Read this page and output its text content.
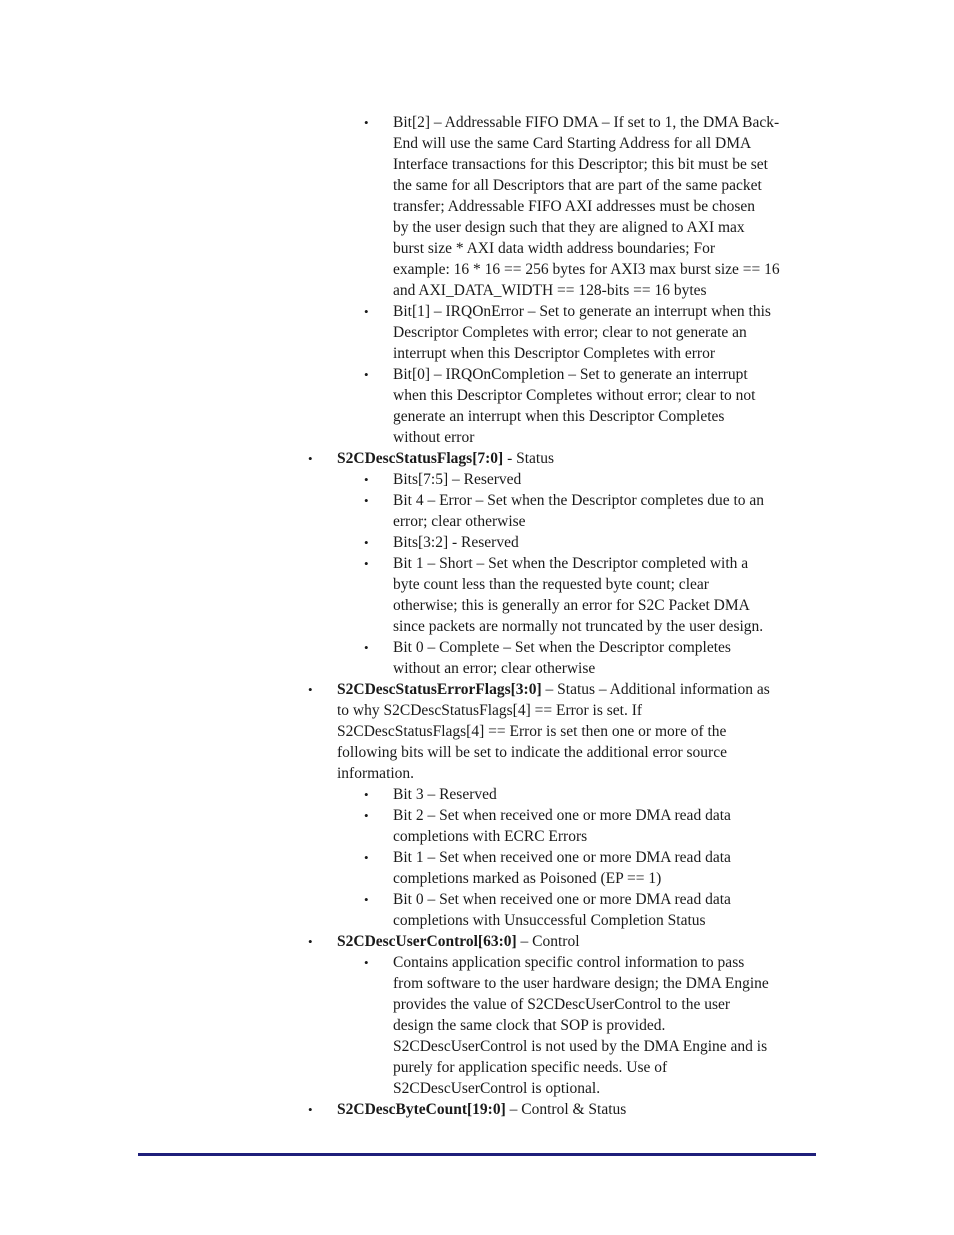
• Bit[2] – Addressable FIFO DMA – If set to 1, the DMA Back-
End will use the same Card Starting Address for all DMA
Interface transactions for this Descriptor; this bit must be set
the same for all Descriptors that are part of the same packet
transfer; Addressable FIFO AXI addresses must be chosen
by the user design such that they are aligned to AXI max
burst size * AXI data width address boundaries; For
example: 16 * 16 == 256 bytes for AXI3 max burst size == 16
and AXI_DATA_WIDTH == 128-bits == 16 bytes
• Bit[1] – IRQOnError – Set to generate an interrupt when this
Descriptor Completes with error; clear to not generate an
interrupt when this Descriptor Completes with error
• Bit[0] – IRQOnCompletion – Set to generate an interrupt
when this Descriptor Completes without error; clear to not
generate an interrupt when this Descriptor Completes
without error
• S2CDescStatusFlags[7:0] - Status
• Bits[7:5] – Reserved
• Bit 4 – Error – Set when the Descriptor completes due to an
error; clear otherwise
• Bits[3:2] - Reserved
• Bit 1 – Short – Set when the Descriptor completed with a
byte count less than the requested byte count; clear
otherwise; this is generally an error for S2C Packet DMA
since packets are normally not truncated by the user design.
• Bit 0 – Complete – Set when the Descriptor completes
without an error; clear otherwise
• S2CDescStatusErrorFlags[3:0] – Status – Additional information as
to why S2CDescStatusFlags[4] == Error is set. If
S2CDescStatusFlags[4] == Error is set then one or more of the
following bits will be set to indicate the additional error source
information.
• Bit 3 – Reserved
• Bit 2 – Set when received one or more DMA read data
completions with ECRC Errors
• Bit 1 – Set when received one or more DMA read data
completions marked as Poisoned (EP == 1)
• Bit 0 – Set when received one or more DMA read data
completions with Unsuccessful Completion Status
• S2CDescUserControl[63:0] – Control
• Contains application specific control information to pass
from software to the user hardware design; the DMA Engine
provides the value of S2CDescUserControl to the user
design the same clock that SOP is provided.
S2CDescUserControl is not used by the DMA Engine and is
purely for application specific needs. Use of
S2CDescUserControl is optional.
• S2CDescByteCount[19:0] – Control & Status
